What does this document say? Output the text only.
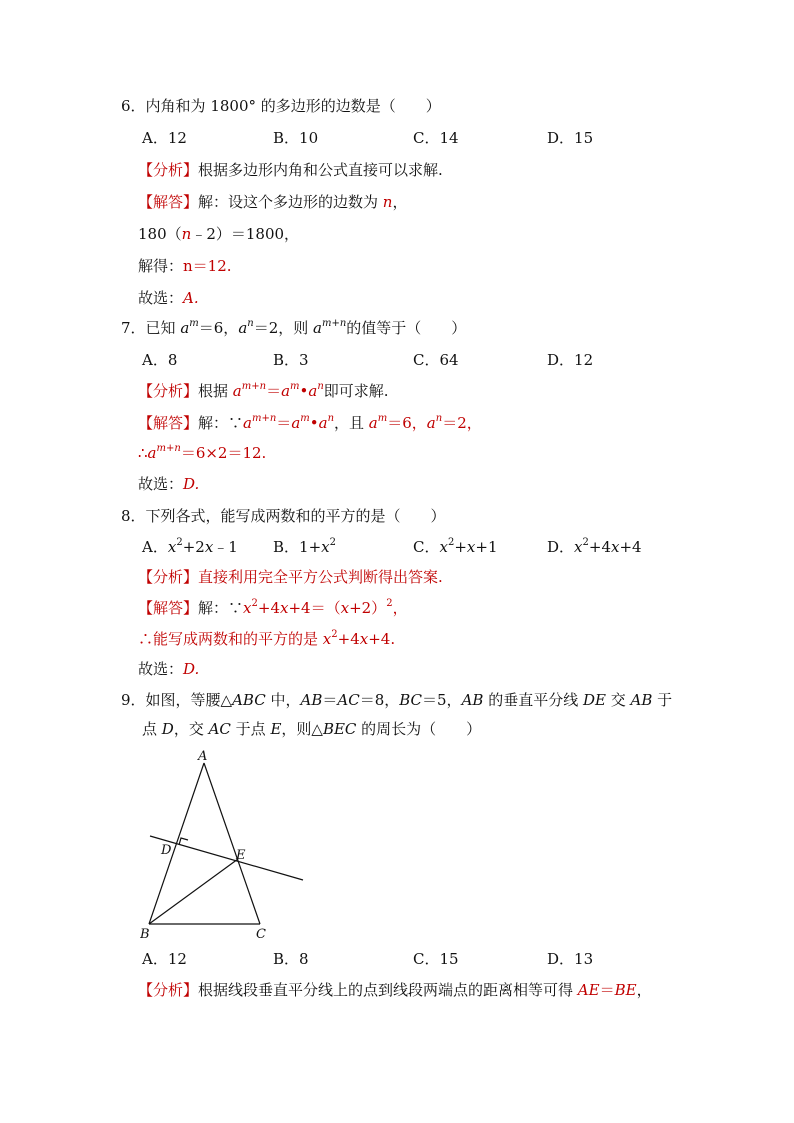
6．内角和为 1800° 的多边形的边数是（　　）
A．12	B．10	C．14	D．15
【分析】根据多边形内角和公式直接可以求解.
【解答】解：设这个多边形的边数为 n，
180（n﹣2）＝1800，
解得：n＝12.
故选：A.
7．已知 $a^m=6$，$a^n=2$，则 $a^{m+n}$的值等于（　　）
A．8	B．3	C．64	D．12
【分析】根据 $a^{m+n}=a^m•a^n$即可求解.
【解答】解：$\because a^{m+n}=a^m•a^n$，且 $a^m=6$，$a^n=2$，
$\therefore a^{m+n}=6\times 2=12$.
故选：D.
8．下列各式，能写成两数和的平方的是（　　）
A．$x^2+2x﹣1$ B．$1+x^2$	C．$x^2+x+1$	D．$x^2+4x+4$
【分析】直接利用完全平方公式判断得出答案.
【解答】解：$\because x^2+4x+4=(x+2)^2$，
∴能写成两数和的平方的是 $x^2+4x+4$.
故选：D.
9．如图，等腰△ABC 中，AB＝AC＝8，BC＝5，AB 的垂直平分线 DE 交 AB 于
点 D，交 AC 于点 E，则△BEC 的周长为（　　）
A
B	C
D	E
A．12	B．8	C．15	D．13
【分析】根据线段垂直平分线上的点到线段两端点的距离相等可得 AE＝BE，
